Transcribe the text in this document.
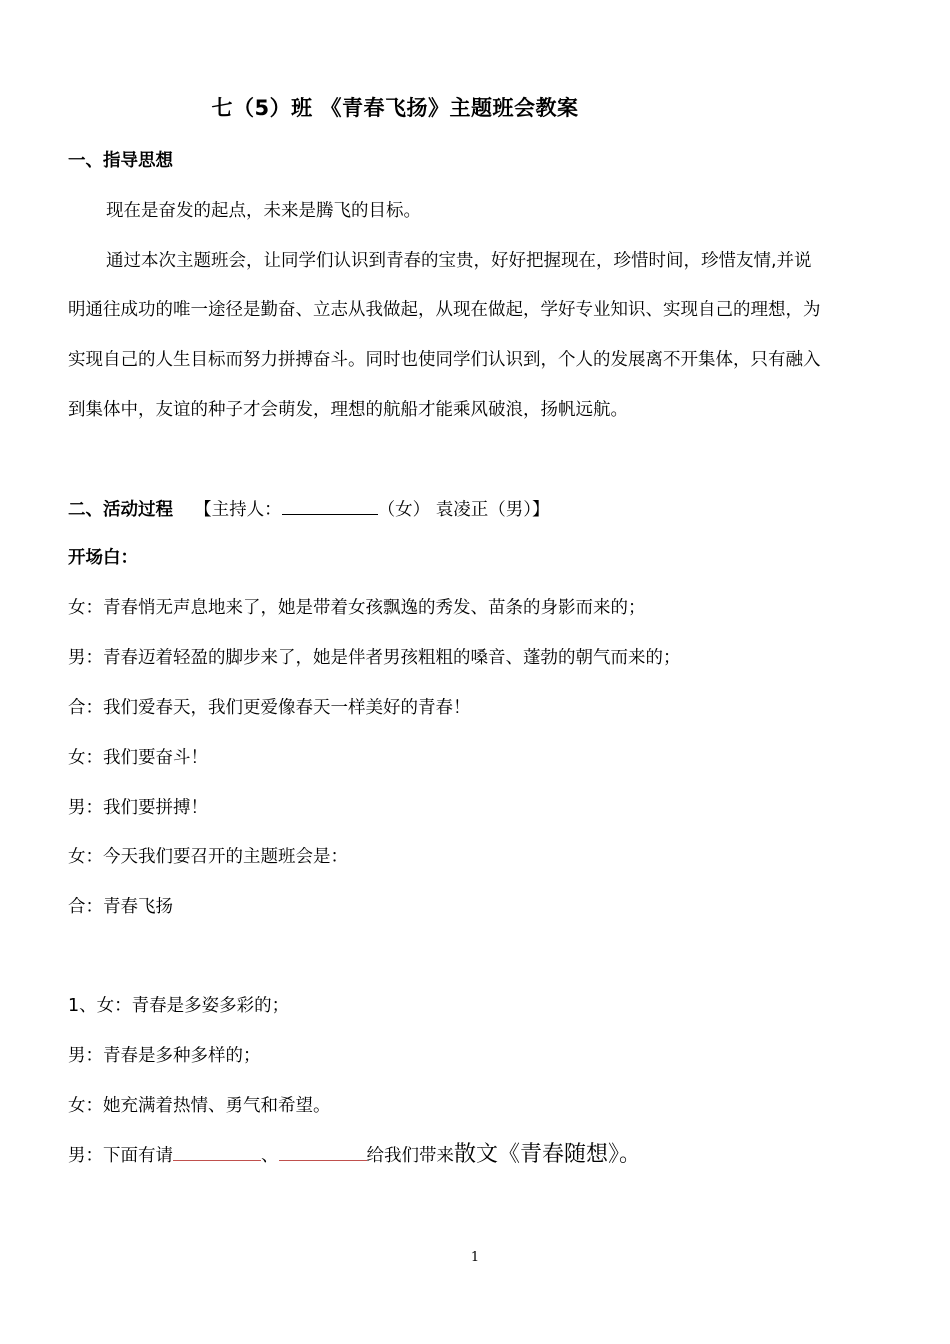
七（5）班 《青春飞扬》主题班会教案
一、指导思想
现在是奋发的起点，未来是腾飞的目标。
通过本次主题班会，让同学们认识到青春的宝贵，好好把握现在，珍惜时间，珍惜友情,并说
明通往成功的唯一途径是勤奋、立志从我做起，从现在做起，学好专业知识、实现自己的理想，为
实现自己的人生目标而努力拼搏奋斗。同时也使同学们认识到，个人的发展离不开集体，只有融入
到集体中，友谊的种子才会萌发，理想的航船才能乘风破浪，扬帆远航。
二、活动过程 【主持人：	（女） 袁凌正（男）】
开场白：
女：青春悄无声息地来了，她是带着女孩飘逸的秀发、苗条的身影而来的；
男：青春迈着轻盈的脚步来了，她是伴者男孩粗粗的嗓音、蓬勃的朝气而来的；
合：我们爱春天，我们更爱像春天一样美好的青春！
女：我们要奋斗！
男：我们要拼搏！
女：今天我们要召开的主题班会是：
合：青春飞扬
1、女：青春是多姿多彩的；
男：青春是多种多样的；
女：她充满着热情、勇气和希望。
男：下面有请	、	给我们带来散文《青春随想》。
1
